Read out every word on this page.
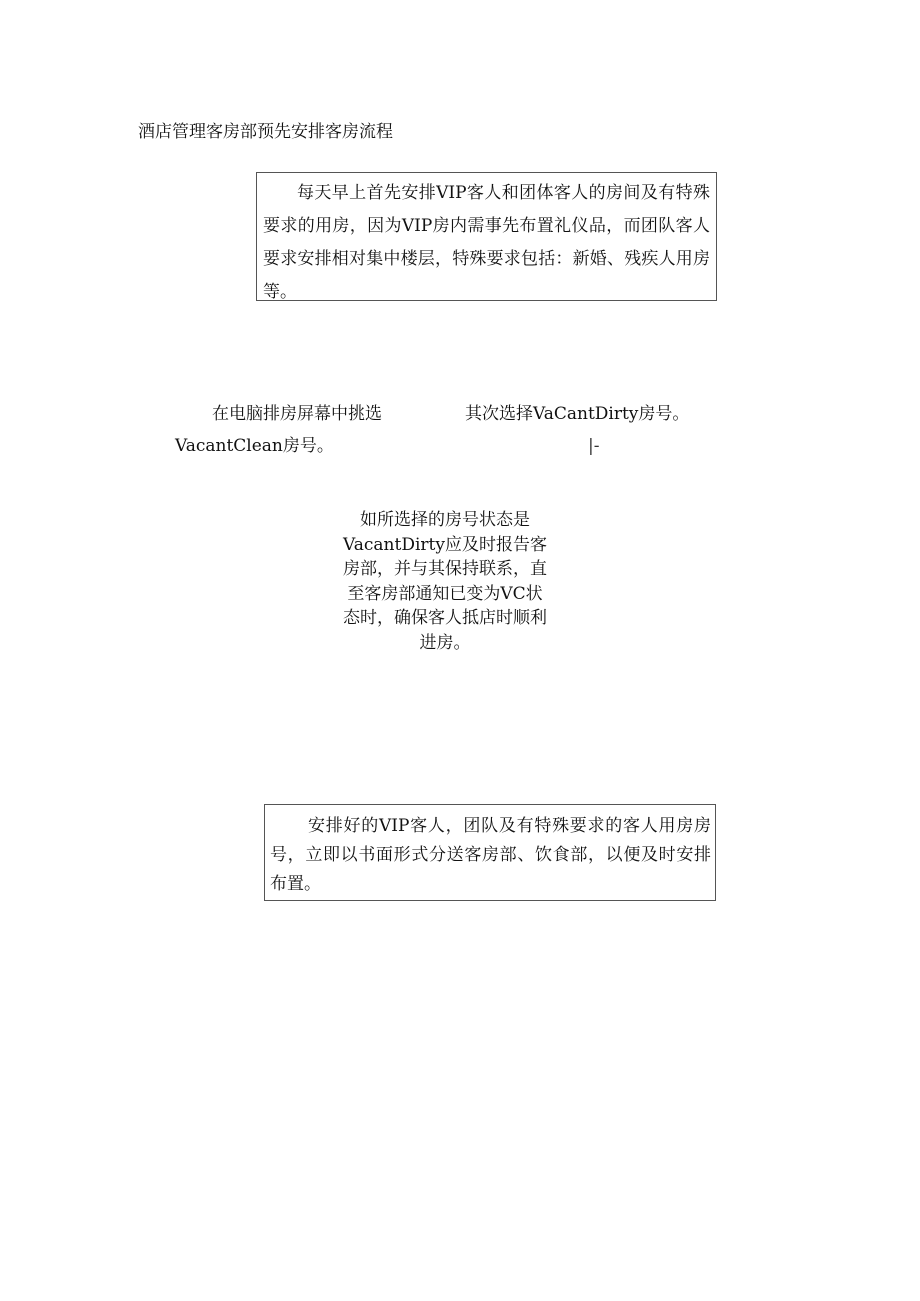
酒店管理客房部预先安排客房流程
每天早上首先安排VIP客人和团体客人的房间及有特殊要求的用房，因为VIP房内需事先布置礼仪品，而团队客人要求安排相对集中楼层，特殊要求包括：新婚、残疾人用房等。
在电脑排房屏幕中挑选
VacantClean房号。
其次选择VaCantDirty房号。
|-
如所选择的房号状态是
VacantDirty应及时报告客
房部，并与其保持联系，直
至客房部通知已变为VC状
态时，确保客人抵店时顺利
进房。
安排好的VIP客人，团队及有特殊要求的客人用房房号，立即以书面形式分送客房部、饮食部，以便及时安排布置。
